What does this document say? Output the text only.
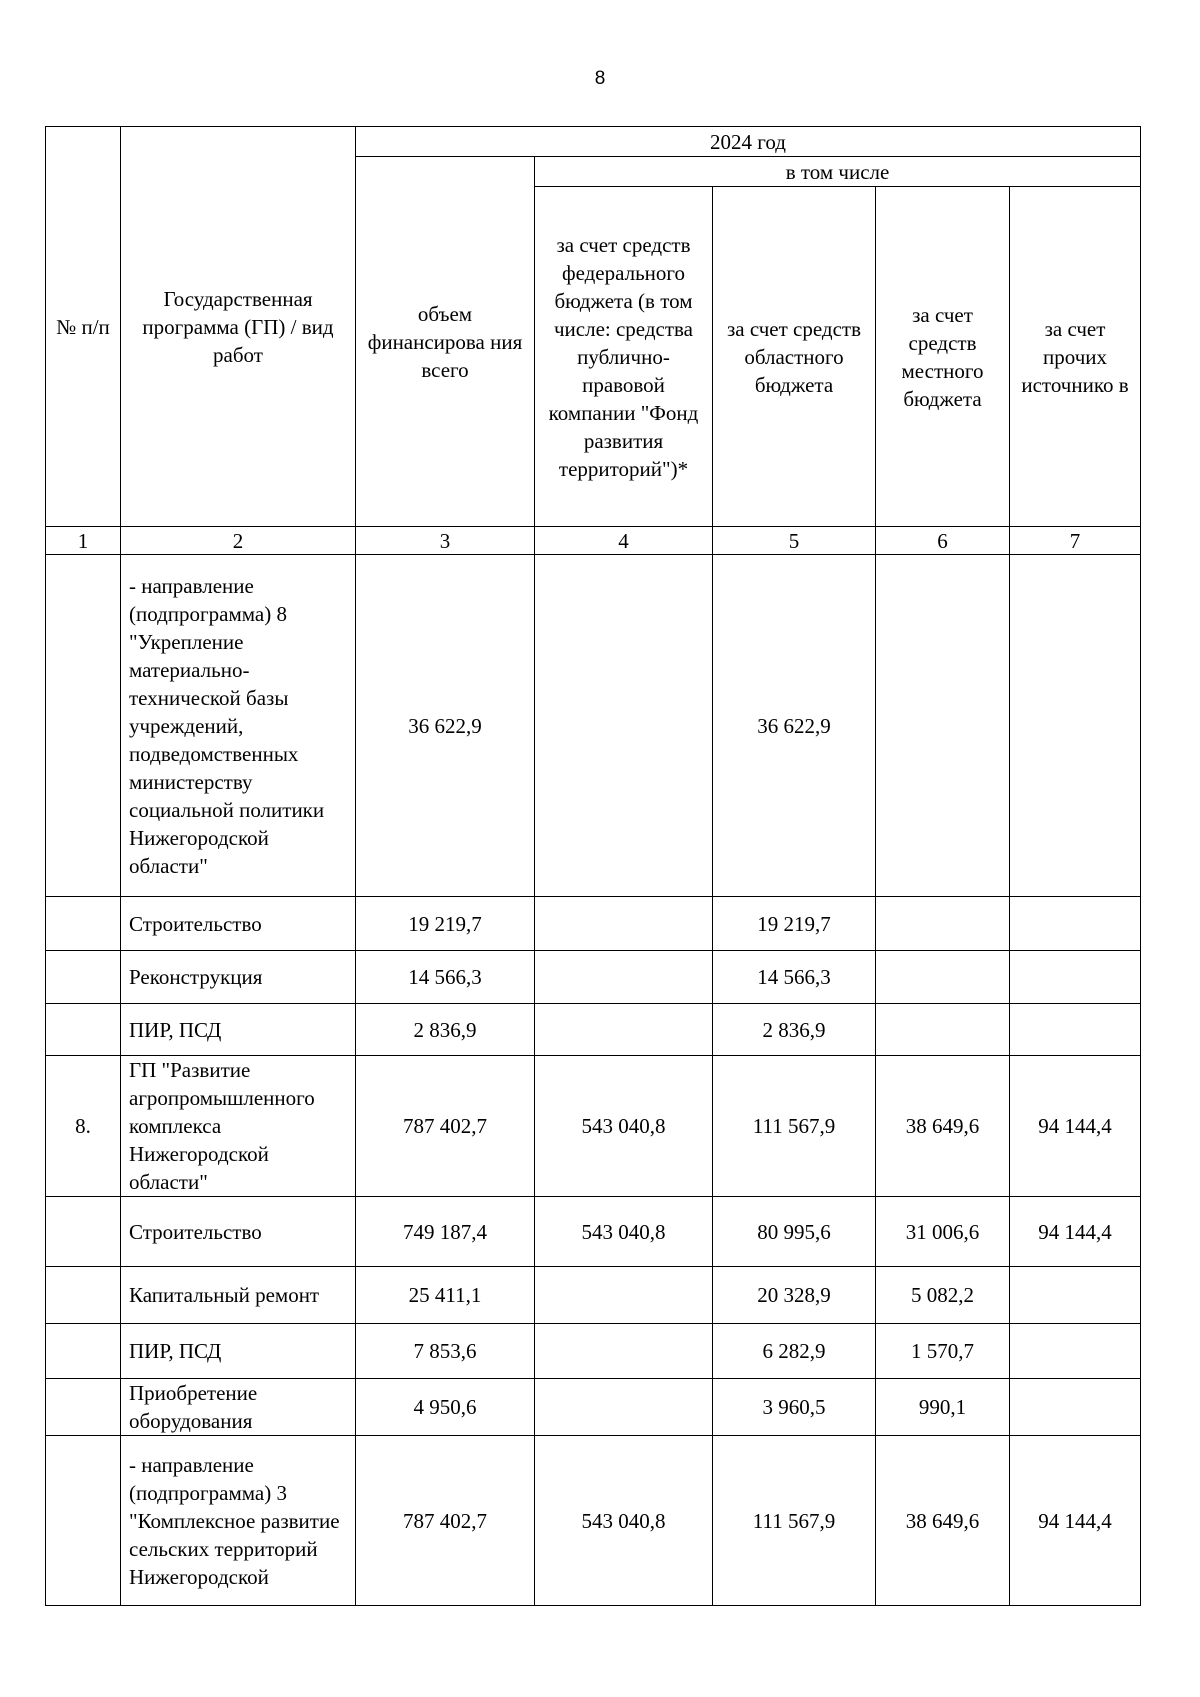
8
№ п/п	Государственная программа (ГП) / вид работ	2024 год				
		объем финансирова ния всего	в том числе			
			за счет средств федерального бюджета (в том числе: средства публично-правовой компании "Фонд развития территорий")*	за счет средств областного бюджета	за счет средств местного бюджета	за счет прочих источнико в
1	2	3	4	5	6	7
	- направление (подпрограмма) 8 "Укрепление материально-технической базы учреждений, подведомственных министерству социальной политики Нижегородской области"	36 622,9		36 622,9		
	Строительство	19 219,7		19 219,7		
	Реконструкция	14 566,3		14 566,3		
	ПИР, ПСД	2 836,9		2 836,9		
8.	ГП "Развитие агропромышленного комплекса Нижегородской области"	787 402,7	543 040,8	111 567,9	38 649,6	94 144,4
	Строительство	749 187,4	543 040,8	80 995,6	31 006,6	94 144,4
	Капитальный ремонт	25 411,1		20 328,9	5 082,2	
	ПИР, ПСД	7 853,6		6 282,9	1 570,7	
	Приобретение оборудования	4 950,6		3 960,5	990,1	
	- направление (подпрограмма) 3 "Комплексное развитие сельских территорий Нижегородской	787 402,7	543 040,8	111 567,9	38 649,6	94 144,4
